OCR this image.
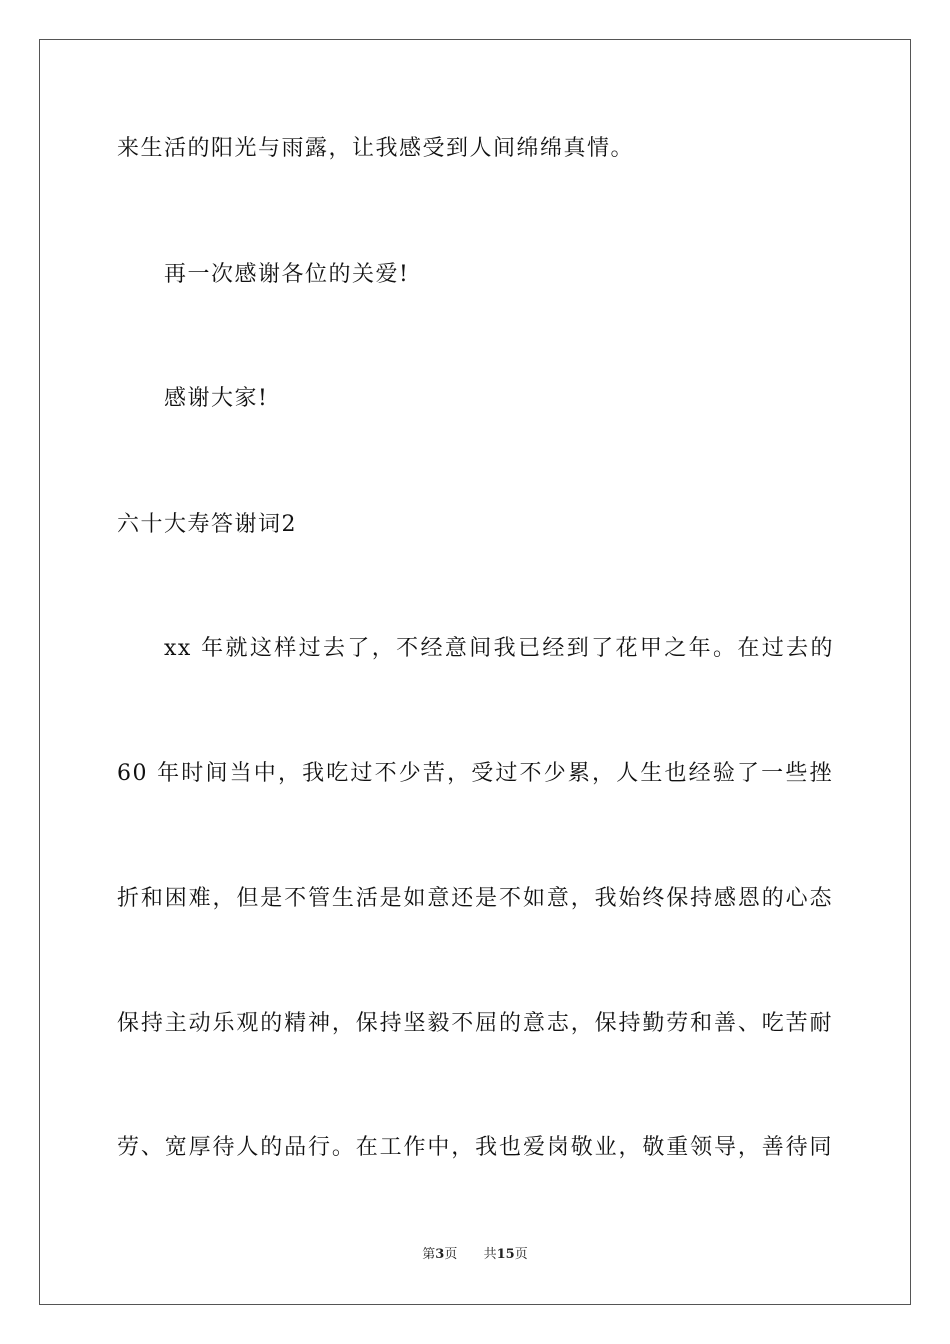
来生活的阳光与雨露，让我感受到人间绵绵真情。
再一次感谢各位的关爱!
感谢大家!
六十大寿答谢词2
xx 年就这样过去了，不经意间我已经到了花甲之年。在过去的
60 年时间当中，我吃过不少苦，受过不少累，人生也经验了一些挫
折和困难，但是不管生活是如意还是不如意，我始终保持感恩的心态
保持主动乐观的精神，保持坚毅不屈的意志，保持勤劳和善、吃苦耐
劳、宽厚待人的品行。在工作中，我也爱岗敬业，敬重领导，善待同
第3页 共15页
